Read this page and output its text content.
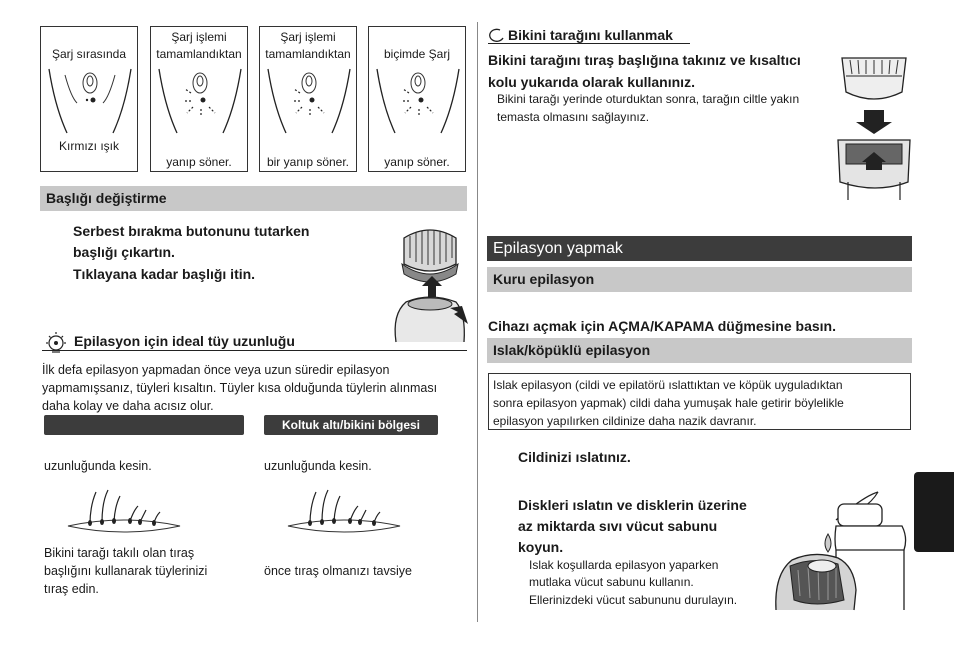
Şarj sırasında
Kırmızı ışık
Şarj işlemi
tamamlandıktan
yanıp söner.
Şarj işlemi
tamamlandıktan
bir yanıp söner.
biçimde Şarj
yanıp söner.
Başlığı değiştirme
Serbest bırakma butonunu tutarken
başlığı çıkartın.
Tıklayana kadar başlığı itin.
Epilasyon için ideal tüy uzunluğu
İlk defa epilasyon yapmadan önce veya uzun süredir epilasyon
yapmamışsanız, tüyleri kısaltın. Tüyler kısa olduğunda tüylerin alınması
daha kolay ve daha acısız olur.
Koltuk altı/bikini bölgesi
uzunluğunda kesin.	uzunluğunda kesin.
Bikini tarağı takılı olan tıraş
başlığını kullanarak tüylerinizi
tıraş edin.
önce tıraş olmanızı tavsiye
Bikini tarağını kullanmak
Bikini tarağını tıraş başlığına takınız ve kısaltıcı
kolu yukarıda olarak kullanınız.
Bikini tarağı yerinde oturduktan sonra, tarağın ciltle yakın
temasta olmasını sağlayınız.
Epilasyon yapmak
Kuru epilasyon
Cihazı açmak için AÇMA/KAPAMA düğmesine basın.
Islak/köpüklü epilasyon
Islak epilasyon (cildi ve epilatörü ıslattıktan ve köpük uyguladıktan
sonra epilasyon yapmak) cildi daha yumuşak hale getirir böylelikle
epilasyon yapılırken cildinize daha nazik davranır.
Cildinizi ıslatınız.
Diskleri ıslatın ve disklerin üzerine
az miktarda sıvı vücut sabunu
koyun.
Islak koşullarda epilasyon yaparken
mutlaka vücut sabunu kullanın.
Ellerinizdeki vücut sabununu durulayın.
